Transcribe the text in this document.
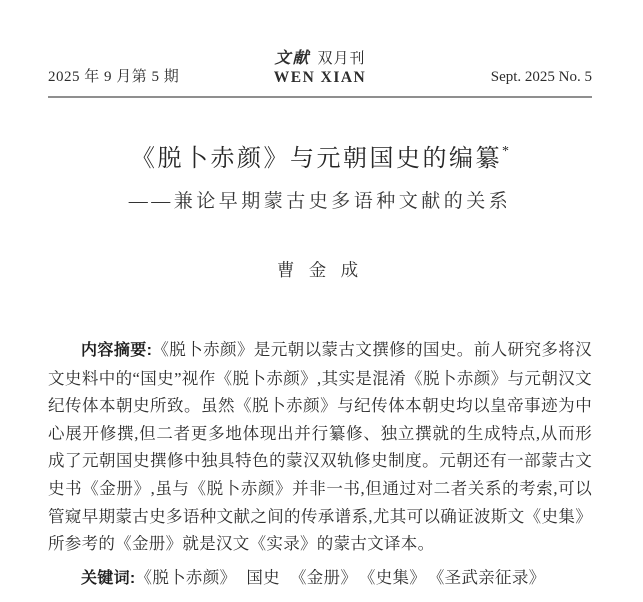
文献 双月刊
2025 年 9 月第 5 期	WEN XIAN	Sept. 2025 No. 5
《脱卜赤颜》与元朝国史的编纂*
——兼论早期蒙古史多语种文献的关系
曹 金 成

内容摘要:《脱卜赤颜》是元朝以蒙古文撰修的国史。前人研究多将汉文史料中的“国史”视作《脱卜赤颜》,其实是混淆《脱卜赤颜》与元朝汉文纪传体本朝史所致。虽然《脱卜赤颜》与纪传体本朝史均以皇帝事迹为中心展开修撰,但二者更多地体现出并行纂修、独立撰就的生成特点,从而形成了元朝国史撰修中独具特色的蒙汉双轨修史制度。元朝还有一部蒙古文史书《金册》,虽与《脱卜赤颜》并非一书,但通过对二者关系的考索,可以管窥早期蒙古史多语种文献之间的传承谱系,尤其可以确证波斯文《史集》所参考的《金册》就是汉文《实录》的蒙古文译本。

关键词:《脱卜赤颜》 国史 《金册》 《史集》 《圣武亲征录》
